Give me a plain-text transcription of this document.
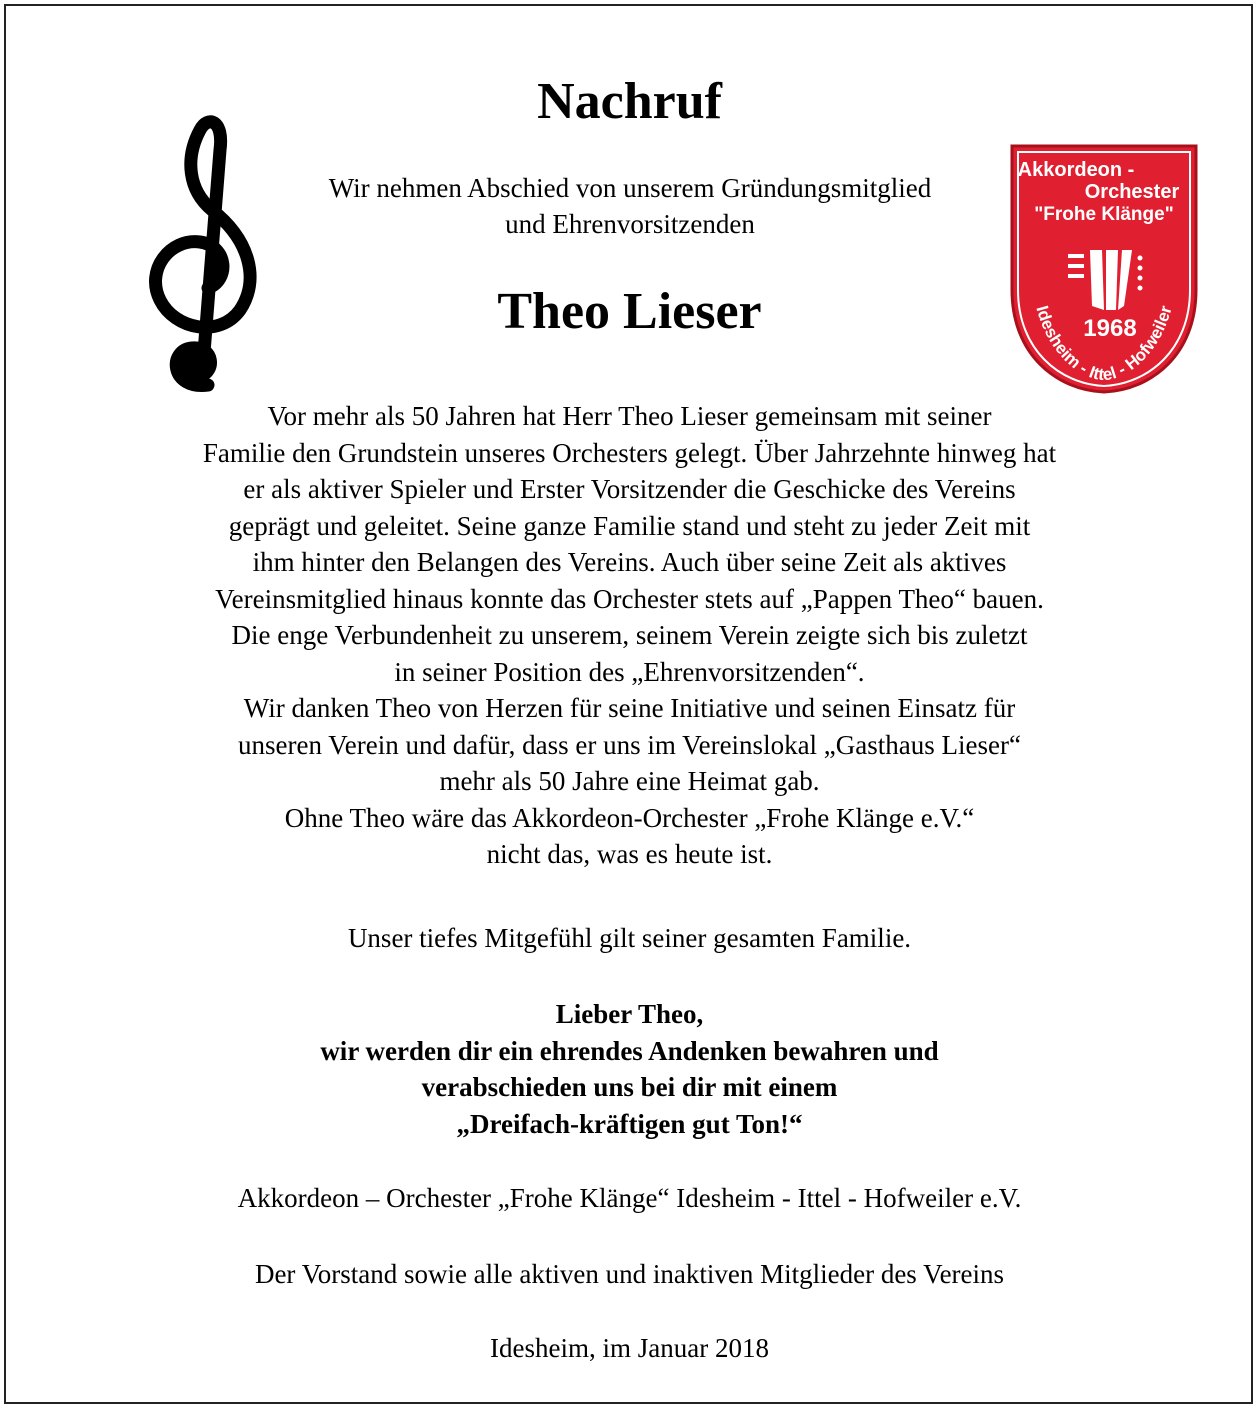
Nachruf
Wir nehmen Abschied von unserem Gründungsmitglied
und Ehrenvorsitzenden
Theo Lieser
Akkordeon -
Orchester
"Frohe Klänge"
1968
Idesheim - Ittel - Hofweiler
Vor mehr als 50 Jahren hat Herr Theo Lieser gemeinsam mit seiner
Familie den Grundstein unseres Orchesters gelegt. Über Jahrzehnte hinweg hat
er als aktiver Spieler und Erster Vorsitzender die Geschicke des Vereins
geprägt und geleitet. Seine ganze Familie stand und steht zu jeder Zeit mit
ihm hinter den Belangen des Vereins. Auch über seine Zeit als aktives
Vereinsmitglied hinaus konnte das Orchester stets auf „Pappen Theo“ bauen.
Die enge Verbundenheit zu unserem, seinem Verein zeigte sich bis zuletzt
in seiner Position des „Ehrenvorsitzenden“.
Wir danken Theo von Herzen für seine Initiative und seinen Einsatz für
unseren Verein und dafür, dass er uns im Vereinslokal „Gasthaus Lieser“
mehr als 50 Jahre eine Heimat gab.
Ohne Theo wäre das Akkordeon-Orchester „Frohe Klänge e.V.“
nicht das, was es heute ist.
Unser tiefes Mitgefühl gilt seiner gesamten Familie.
Lieber Theo,
wir werden dir ein ehrendes Andenken bewahren und
verabschieden uns bei dir mit einem
„Dreifach-kräftigen gut Ton!“
Akkordeon – Orchester „Frohe Klänge“ Idesheim - Ittel - Hofweiler e.V.
Der Vorstand sowie alle aktiven und inaktiven Mitglieder des Vereins
Idesheim, im Januar 2018
